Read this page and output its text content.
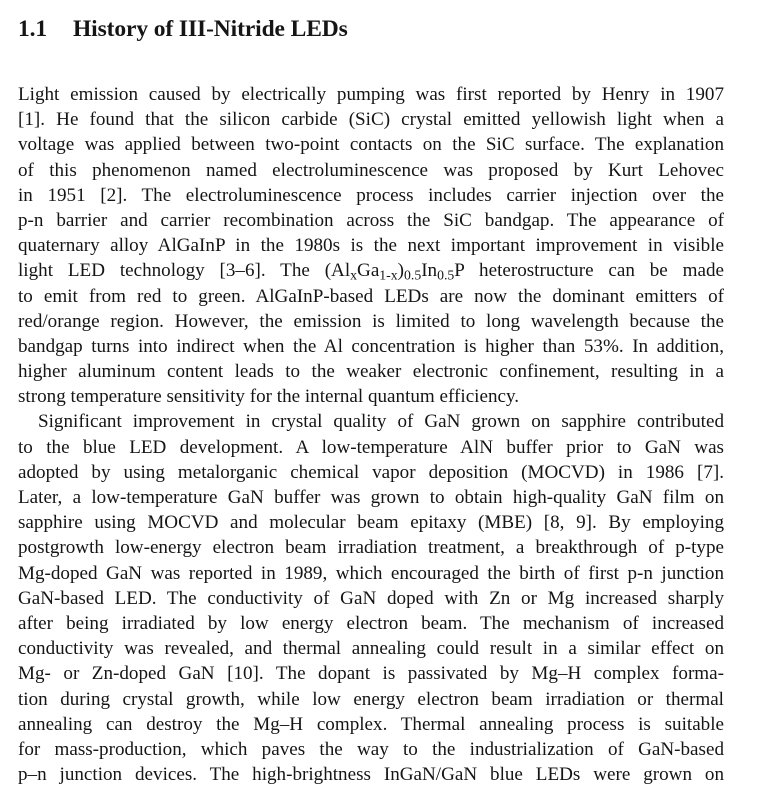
1.1 History of III-Nitride LEDs

Light emission caused by electrically pumping was first reported by Henry in 1907
[1]. He found that the silicon carbide (SiC) crystal emitted yellowish light when a
voltage was applied between two-point contacts on the SiC surface. The explanation
of this phenomenon named electroluminescence was proposed by Kurt Lehovec
in 1951 [2]. The electroluminescence process includes carrier injection over the
p-n barrier and carrier recombination across the SiC bandgap. The appearance of
quaternary alloy AlGaInP in the 1980s is the next important improvement in visible
light LED technology [3–6]. The $(Al_xGa_{1-x})_{0.5}In_{0.5}P$ heterostructure can be made
to emit from red to green. AlGaInP-based LEDs are now the dominant emitters of
red/orange region. However, the emission is limited to long wavelength because the
bandgap turns into indirect when the Al concentration is higher than 53%. In addition,
higher aluminum content leads to the weaker electronic confinement, resulting in a
strong temperature sensitivity for the internal quantum efficiency.

Significant improvement in crystal quality of GaN grown on sapphire contributed
to the blue LED development. A low-temperature AlN buffer prior to GaN was
adopted by using metalorganic chemical vapor deposition (MOCVD) in 1986 [7].
Later, a low-temperature GaN buffer was grown to obtain high-quality GaN film on
sapphire using MOCVD and molecular beam epitaxy (MBE) [8, 9]. By employing
postgrowth low-energy electron beam irradiation treatment, a breakthrough of p-type
Mg-doped GaN was reported in 1989, which encouraged the birth of first p-n junction
GaN-based LED. The conductivity of GaN doped with Zn or Mg increased sharply
after being irradiated by low energy electron beam. The mechanism of increased
conductivity was revealed, and thermal annealing could result in a similar effect on
Mg- or Zn-doped GaN [10]. The dopant is passivated by Mg–H complex forma-
tion during crystal growth, while low energy electron beam irradiation or thermal
annealing can destroy the Mg–H complex. Thermal annealing process is suitable
for mass-production, which paves the way to the industrialization of GaN-based
p–n junction devices. The high-brightness InGaN/GaN blue LEDs were grown on
